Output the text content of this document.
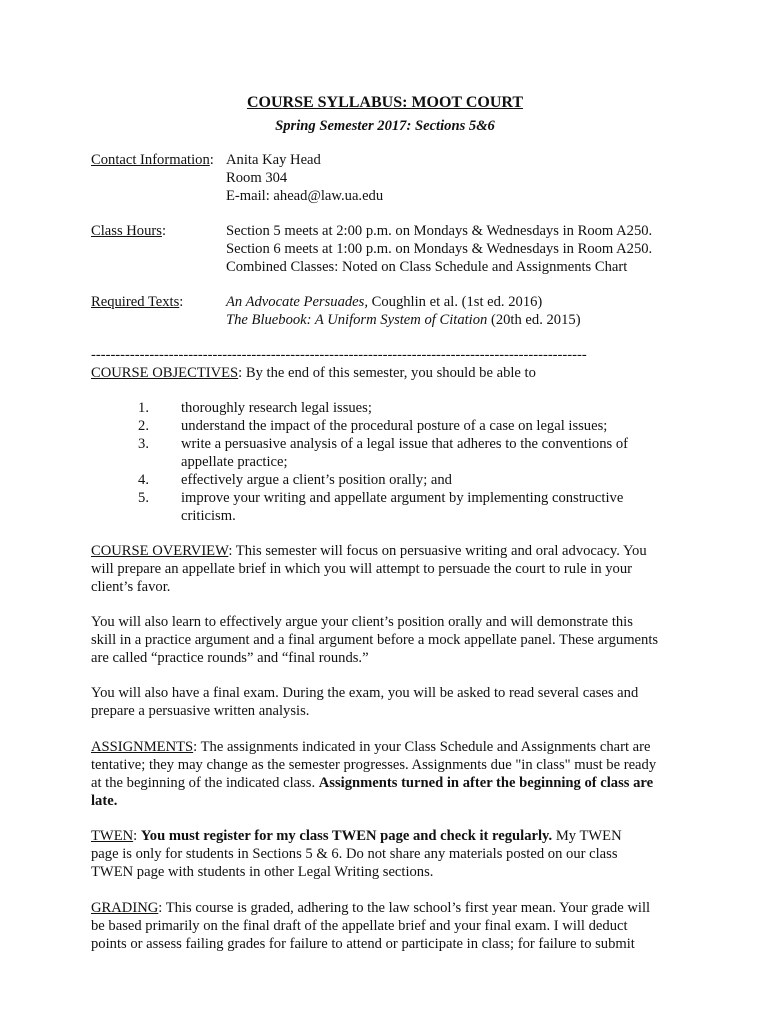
COURSE SYLLABUS: MOOT COURT
Spring Semester 2017: Sections 5&6
Contact Information: Anita Kay Head
Room 304
E-mail: ahead@law.ua.edu
Class Hours:	Section 5 meets at 2:00 p.m. on Mondays & Wednesdays in Room A250.
Section 6 meets at 1:00 p.m. on Mondays & Wednesdays in Room A250.
Combined Classes: Noted on Class Schedule and Assignments Chart
Required Texts:	An Advocate Persuades, Coughlin et al. (1st ed. 2016)
The Bluebook: A Uniform System of Citation (20th ed. 2015)
------------------------------------------------------------------------------------------------------
COURSE OBJECTIVES: By the end of this semester, you should be able to
1. thoroughly research legal issues;
2. understand the impact of the procedural posture of a case on legal issues;
3. write a persuasive analysis of a legal issue that adheres to the conventions of
appellate practice;
4. effectively argue a client’s position orally; and
5. improve your writing and appellate argument by implementing constructive
criticism.
COURSE OVERVIEW: This semester will focus on persuasive writing and oral advocacy. You
will prepare an appellate brief in which you will attempt to persuade the court to rule in your
client’s favor.
You will also learn to effectively argue your client’s position orally and will demonstrate this
skill in a practice argument and a final argument before a mock appellate panel. These arguments
are called “practice rounds” and “final rounds.”
You will also have a final exam. During the exam, you will be asked to read several cases and
prepare a persuasive written analysis.
ASSIGNMENTS: The assignments indicated in your Class Schedule and Assignments chart are
tentative; they may change as the semester progresses. Assignments due "in class" must be ready
at the beginning of the indicated class. Assignments turned in after the beginning of class are
late.
TWEN: You must register for my class TWEN page and check it regularly. My TWEN
page is only for students in Sections 5 & 6. Do not share any materials posted on our class
TWEN page with students in other Legal Writing sections.
GRADING: This course is graded, adhering to the law school’s first year mean. Your grade will
be based primarily on the final draft of the appellate brief and your final exam. I will deduct
points or assess failing grades for failure to attend or participate in class; for failure to submit
